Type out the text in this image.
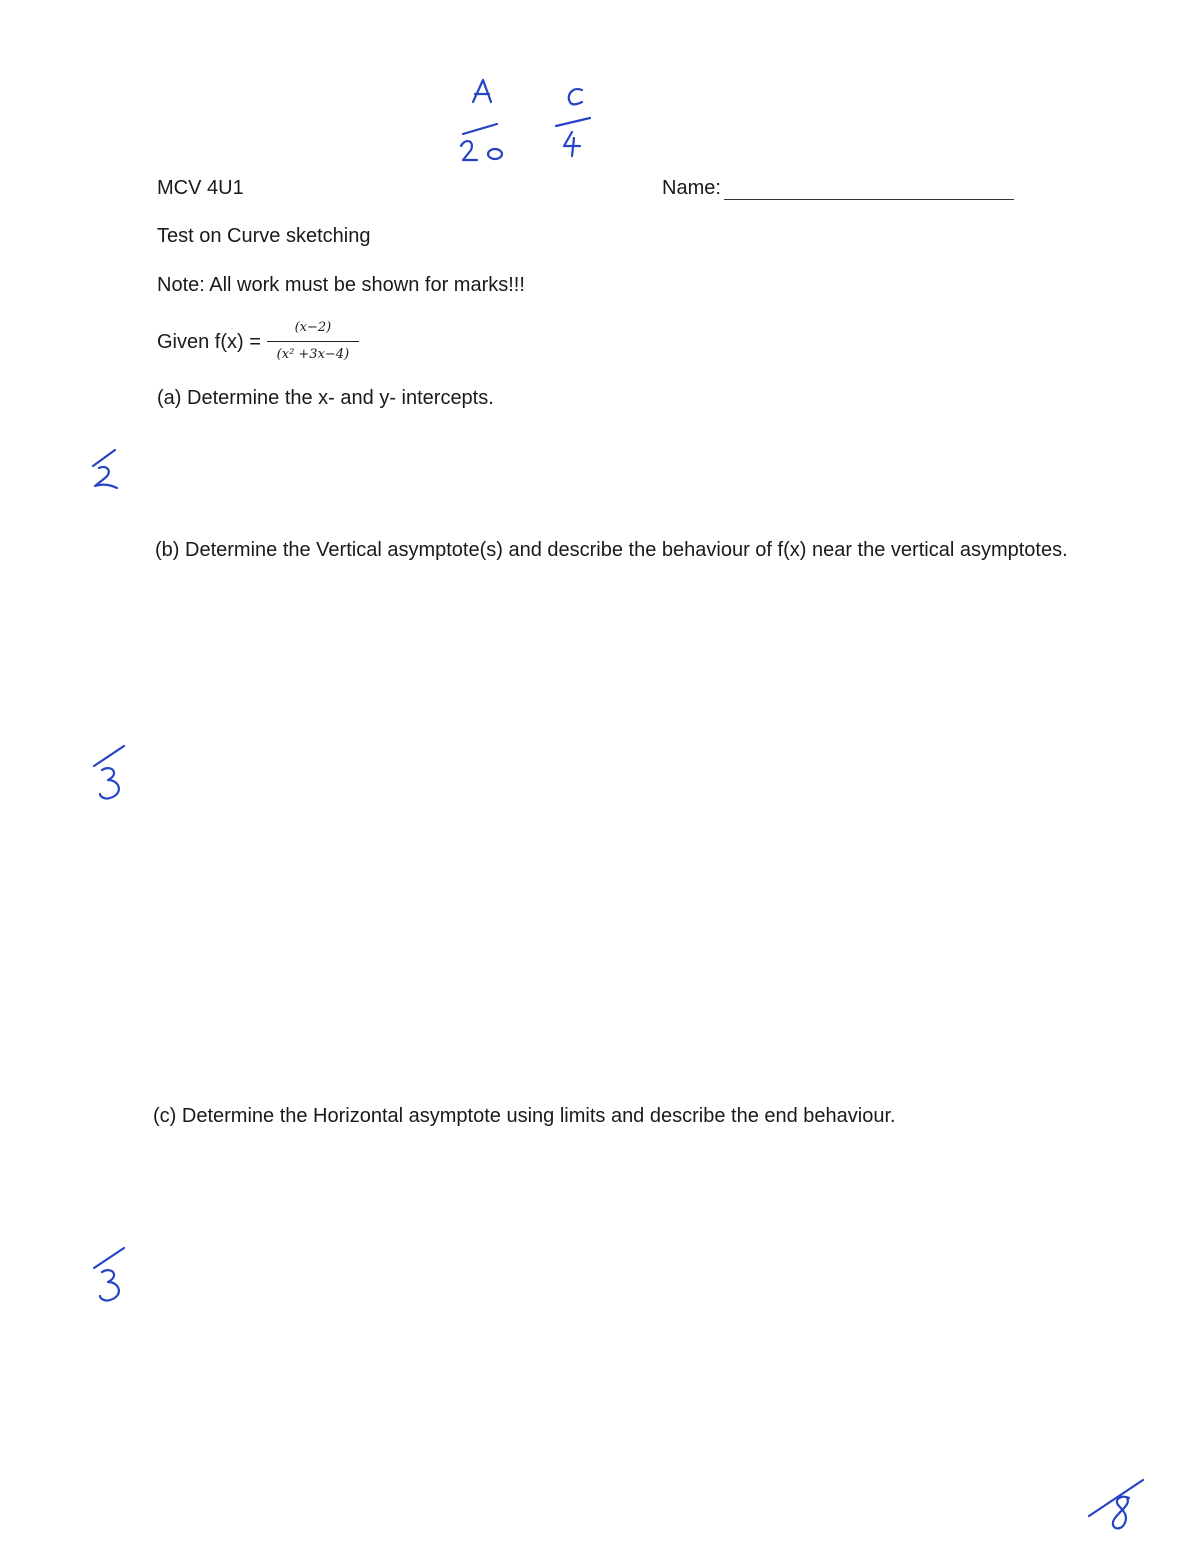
MCV 4U1	Name:
Test on Curve sketching
Note: All work must be shown for marks!!!
Given $f(x) = \frac{(x-2)}{\text{(x² +3x−4)}}$
(a) Determine the x- and y- intercepts.
(b) Determine the Vertical asymptote(s) and describe the behaviour of f(x) near the vertical asymptotes.
(c) Determine the Horizontal asymptote using limits and describe the end behaviour.
